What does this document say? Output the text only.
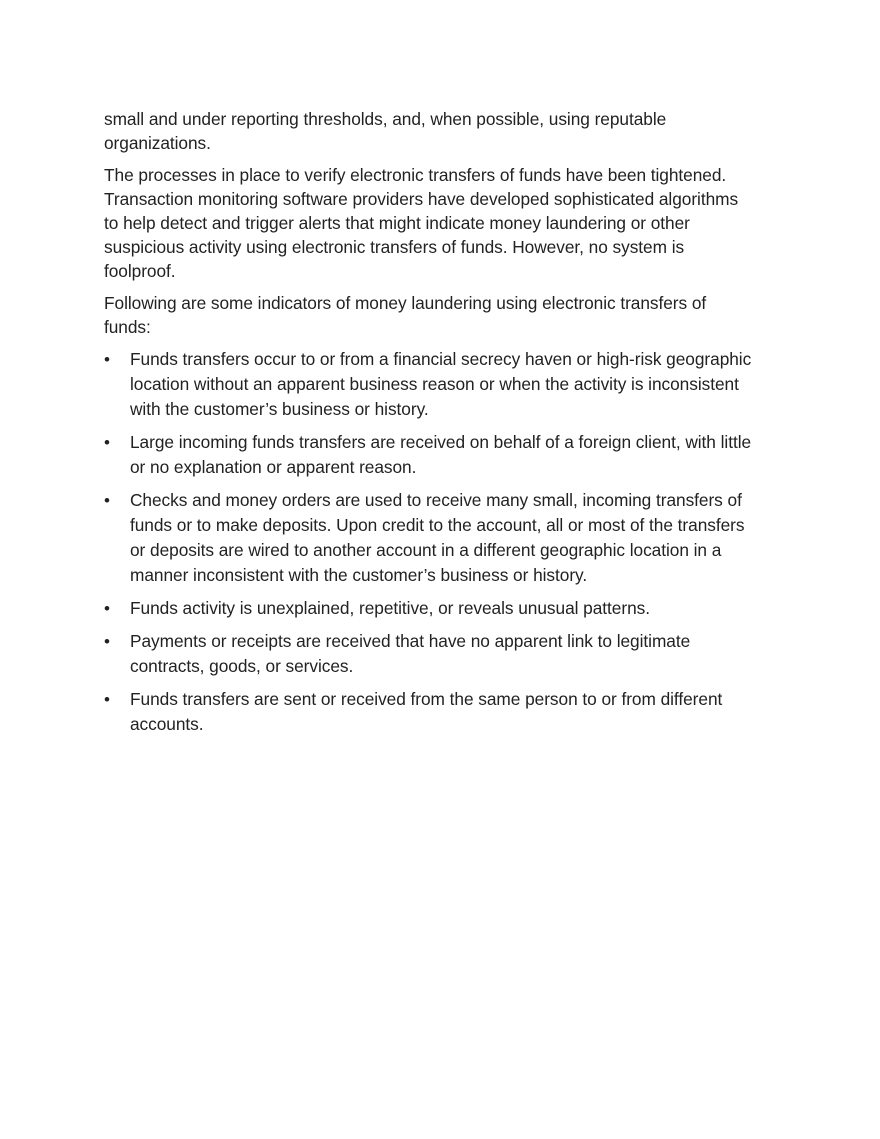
small and under reporting thresholds, and, when possible, using reputable organizations.

The processes in place to verify electronic transfers of funds have been tightened. Transaction monitoring software providers have developed sophisticated algorithms to help detect and trigger alerts that might indicate money laundering or other suspicious activity using electronic transfers of funds. However, no system is foolproof.

Following are some indicators of money laundering using electronic transfers of funds:

• Funds transfers occur to or from a financial secrecy haven or high-risk geographic location without an apparent business reason or when the activity is inconsistent with the customer’s business or history.
• Large incoming funds transfers are received on behalf of a foreign client, with little or no explanation or apparent reason.
• Checks and money orders are used to receive many small, incoming transfers of funds or to make deposits. Upon credit to the account, all or most of the transfers or deposits are wired to another account in a different geographic location in a manner inconsistent with the customer’s business or history.
• Funds activity is unexplained, repetitive, or reveals unusual patterns.
• Payments or receipts are received that have no apparent link to legitimate contracts, goods, or services.
• Funds transfers are sent or received from the same person to or from different accounts.
